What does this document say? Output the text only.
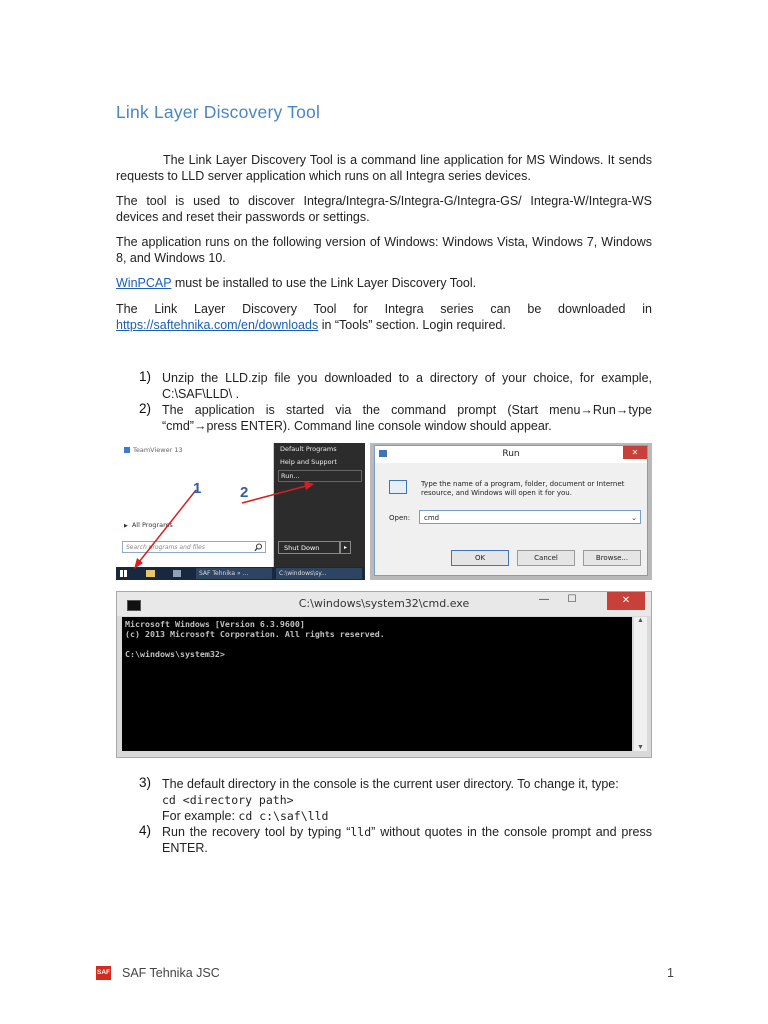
Link Layer Discovery Tool

The Link Layer Discovery Tool is a command line application for MS Windows. It sends requests to LLD server application which runs on all Integra series devices.

The tool is used to discover Integra/Integra-S/Integra-G/Integra-GS/ Integra-W/Integra-WS devices and reset their passwords or settings.

The application runs on the following version of Windows: Windows Vista, Windows 7, Windows 8, and Windows 10.

WinPCAP must be installed to use the Link Layer Discovery Tool.

The Link Layer Discovery Tool for Integra series can be downloaded in

https://saftehnika.com/en/downloads in “Tools” section. Login required.

1) Unzip the LLD.zip file you downloaded to a directory of your choice, for example, C:\SAF\LLD\ .

2) The application is started via the command prompt (Start menu→Run→type “cmd”→press ENTER). Command line console window should appear.

TeamViewer 13
▶ All Programs
Search programs and files
Default Programs
Help and Support
Run...
Shut Down	▸
SAF Tehnika » ...	C:\windows\sy...
1	2
Run	✕
Type the name of a program, folder, document or Internet resource, and Windows will open it for you.
Open:	cmd	⌄
OK	Cancel	Browse...
C:\windows\system32\cmd.exe	—	☐	✕
Microsoft Windows [Version 6.3.9600]
(c) 2013 Microsoft Corporation. All rights reserved.

C:\windows\system32>
▲
▼
3) The default directory in the console is the current user directory. To change it, type:
cd <directory path>
For example: cd c:\saf\lld
4) Run the recovery tool by typing “lld” without quotes in the console prompt and press ENTER.

SAF SAF Tehnika JSC	1
